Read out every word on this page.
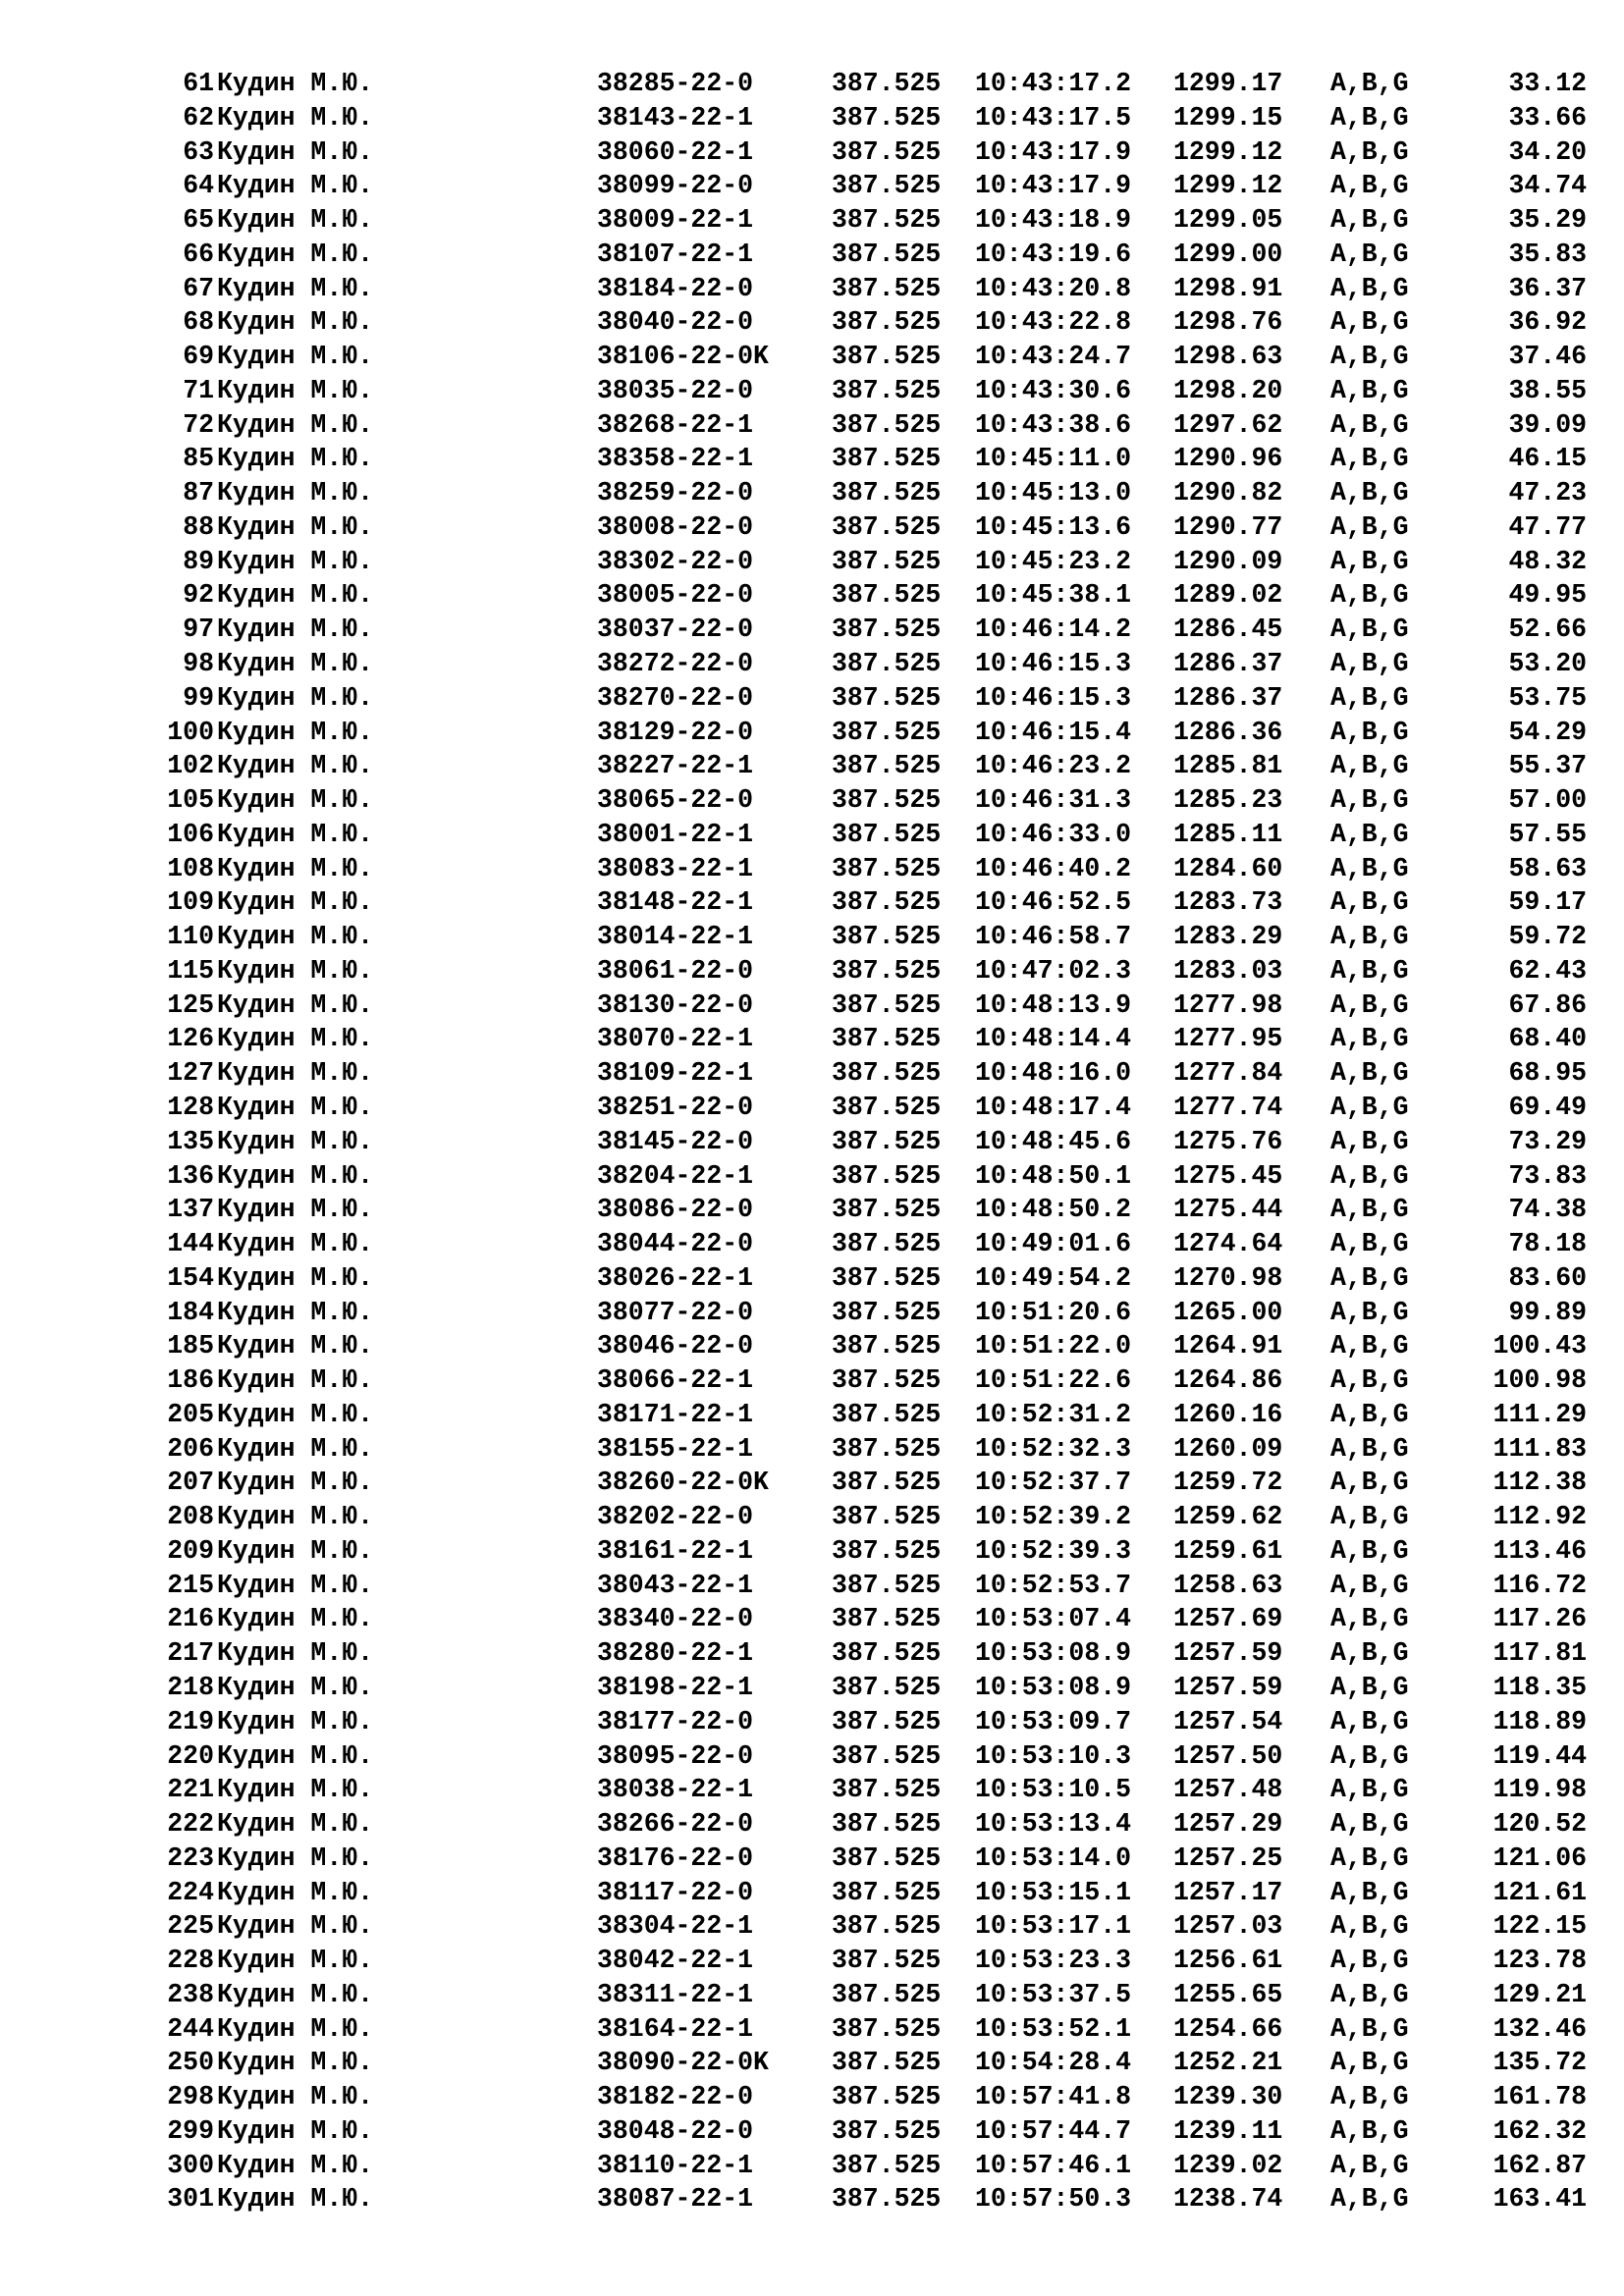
61 Кудин М.Ю.	38285-22-0	387.525 10:43:17.2 1299.17 A,B,G	33.12
62 Кудин М.Ю.	38143-22-1	387.525 10:43:17.5 1299.15 A,B,G	33.66
63 Кудин М.Ю.	38060-22-1	387.525 10:43:17.9 1299.12 A,B,G	34.20
64 Кудин М.Ю.	38099-22-0	387.525 10:43:17.9 1299.12 A,B,G	34.74
65 Кудин М.Ю.	38009-22-1	387.525 10:43:18.9 1299.05 A,B,G	35.29
66 Кудин М.Ю.	38107-22-1	387.525 10:43:19.6 1299.00 A,B,G	35.83
67 Кудин М.Ю.	38184-22-0	387.525 10:43:20.8 1298.91 A,B,G	36.37
68 Кудин М.Ю.	38040-22-0	387.525 10:43:22.8 1298.76 A,B,G	36.92
69 Кудин М.Ю.	38106-22-0K 387.525 10:43:24.7 1298.63 A,B,G	37.46
71 Кудин М.Ю.	38035-22-0	387.525 10:43:30.6 1298.20 A,B,G	38.55
72 Кудин М.Ю.	38268-22-1	387.525 10:43:38.6 1297.62 A,B,G	39.09
85 Кудин М.Ю.	38358-22-1	387.525 10:45:11.0 1290.96 A,B,G	46.15
87 Кудин М.Ю.	38259-22-0	387.525 10:45:13.0 1290.82 A,B,G	47.23
88 Кудин М.Ю.	38008-22-0	387.525 10:45:13.6 1290.77 A,B,G	47.77
89 Кудин М.Ю.	38302-22-0	387.525 10:45:23.2 1290.09 A,B,G	48.32
92 Кудин М.Ю.	38005-22-0	387.525 10:45:38.1 1289.02 A,B,G	49.95
97 Кудин М.Ю.	38037-22-0	387.525 10:46:14.2 1286.45 A,B,G	52.66
98 Кудин М.Ю.	38272-22-0	387.525 10:46:15.3 1286.37 A,B,G	53.20
99 Кудин М.Ю.	38270-22-0	387.525 10:46:15.3 1286.37 A,B,G	53.75
100 Кудин М.Ю.	38129-22-0	387.525 10:46:15.4 1286.36 A,B,G	54.29
102 Кудин М.Ю.	38227-22-1	387.525 10:46:23.2 1285.81 A,B,G	55.37
105 Кудин М.Ю.	38065-22-0	387.525 10:46:31.3 1285.23 A,B,G	57.00
106 Кудин М.Ю.	38001-22-1	387.525 10:46:33.0 1285.11 A,B,G	57.55
108 Кудин М.Ю.	38083-22-1	387.525 10:46:40.2 1284.60 A,B,G	58.63
109 Кудин М.Ю.	38148-22-1	387.525 10:46:52.5 1283.73 A,B,G	59.17
110 Кудин М.Ю.	38014-22-1	387.525 10:46:58.7 1283.29 A,B,G	59.72
115 Кудин М.Ю.	38061-22-0	387.525 10:47:02.3 1283.03 A,B,G	62.43
125 Кудин М.Ю.	38130-22-0	387.525 10:48:13.9 1277.98 A,B,G	67.86
126 Кудин М.Ю.	38070-22-1	387.525 10:48:14.4 1277.95 A,B,G	68.40
127 Кудин М.Ю.	38109-22-1	387.525 10:48:16.0 1277.84 A,B,G	68.95
128 Кудин М.Ю.	38251-22-0	387.525 10:48:17.4 1277.74 A,B,G	69.49
135 Кудин М.Ю.	38145-22-0	387.525 10:48:45.6 1275.76 A,B,G	73.29
136 Кудин М.Ю.	38204-22-1	387.525 10:48:50.1 1275.45 A,B,G	73.83
137 Кудин М.Ю.	38086-22-0	387.525 10:48:50.2 1275.44 A,B,G	74.38
144 Кудин М.Ю.	38044-22-0	387.525 10:49:01.6 1274.64 A,B,G	78.18
154 Кудин М.Ю.	38026-22-1	387.525 10:49:54.2 1270.98 A,B,G	83.60
184 Кудин М.Ю.	38077-22-0	387.525 10:51:20.6 1265.00 A,B,G	99.89
185 Кудин М.Ю.	38046-22-0	387.525 10:51:22.0 1264.91 A,B,G	100.43
186 Кудин М.Ю.	38066-22-1	387.525 10:51:22.6 1264.86 A,B,G	100.98
205 Кудин М.Ю.	38171-22-1	387.525 10:52:31.2 1260.16 A,B,G	111.29
206 Кудин М.Ю.	38155-22-1	387.525 10:52:32.3 1260.09 A,B,G	111.83
207 Кудин М.Ю.	38260-22-0K 387.525 10:52:37.7 1259.72 A,B,G	112.38
208 Кудин М.Ю.	38202-22-0	387.525 10:52:39.2 1259.62 A,B,G	112.92
209 Кудин М.Ю.	38161-22-1	387.525 10:52:39.3 1259.61 A,B,G	113.46
215 Кудин М.Ю.	38043-22-1	387.525 10:52:53.7 1258.63 A,B,G	116.72
216 Кудин М.Ю.	38340-22-0	387.525 10:53:07.4 1257.69 A,B,G	117.26
217 Кудин М.Ю.	38280-22-1	387.525 10:53:08.9 1257.59 A,B,G	117.81
218 Кудин М.Ю.	38198-22-1	387.525 10:53:08.9 1257.59 A,B,G	118.35
219 Кудин М.Ю.	38177-22-0	387.525 10:53:09.7 1257.54 A,B,G	118.89
220 Кудин М.Ю.	38095-22-0	387.525 10:53:10.3 1257.50 A,B,G	119.44
221 Кудин М.Ю.	38038-22-1	387.525 10:53:10.5 1257.48 A,B,G	119.98
222 Кудин М.Ю.	38266-22-0	387.525 10:53:13.4 1257.29 A,B,G	120.52
223 Кудин М.Ю.	38176-22-0	387.525 10:53:14.0 1257.25 A,B,G	121.06
224 Кудин М.Ю.	38117-22-0	387.525 10:53:15.1 1257.17 A,B,G	121.61
225 Кудин М.Ю.	38304-22-1	387.525 10:53:17.1 1257.03 A,B,G	122.15
228 Кудин М.Ю.	38042-22-1	387.525 10:53:23.3 1256.61 A,B,G	123.78
238 Кудин М.Ю.	38311-22-1	387.525 10:53:37.5 1255.65 A,B,G	129.21
244 Кудин М.Ю.	38164-22-1	387.525 10:53:52.1 1254.66 A,B,G	132.46
250 Кудин М.Ю.	38090-22-0K 387.525 10:54:28.4 1252.21 A,B,G	135.72
298 Кудин М.Ю.	38182-22-0	387.525 10:57:41.8 1239.30 A,B,G	161.78
299 Кудин М.Ю.	38048-22-0	387.525 10:57:44.7 1239.11 A,B,G	162.32
300 Кудин М.Ю.	38110-22-1	387.525 10:57:46.1 1239.02 A,B,G	162.87
301 Кудин М.Ю.	38087-22-1	387.525 10:57:50.3 1238.74 A,B,G	163.41
